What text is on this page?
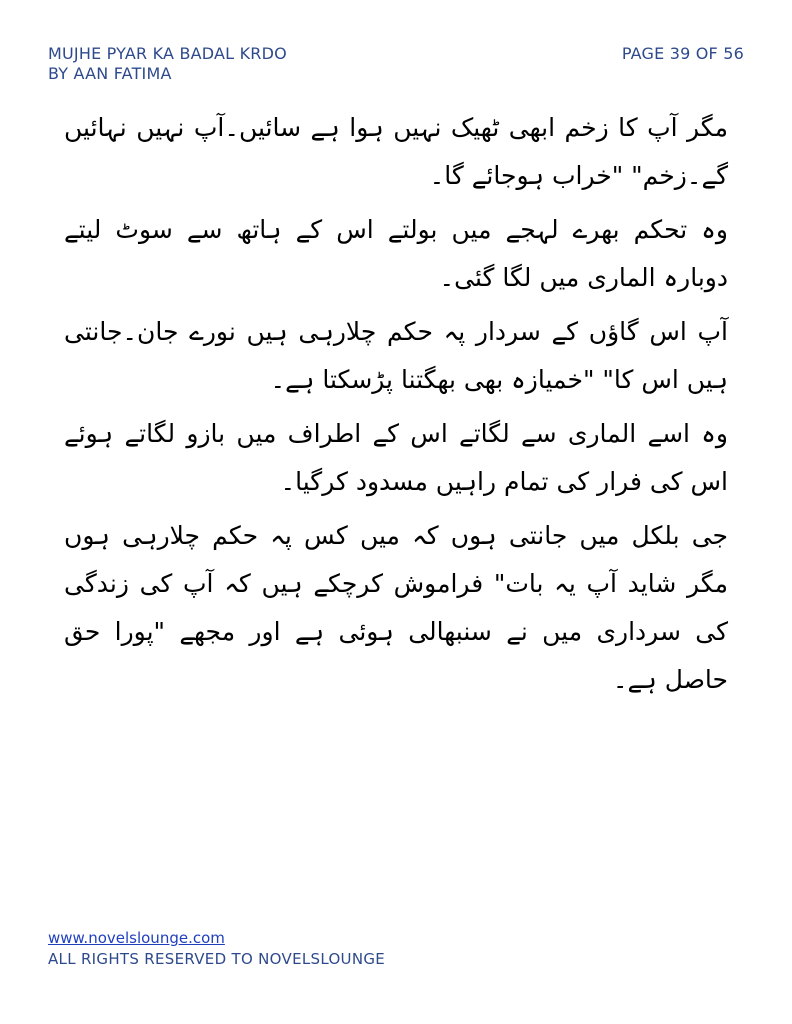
MUJHE PYAR KA BADAL KRDO
BY AAN FATIMA
PAGE 39 OF 56

مگر آپ کا زخم ابھی ٹھیک نہیں ہوا ہے سائیں۔آپ نہیں نہائیں گے۔زخم" "خراب ہوجائے گا۔

وہ تحکم بھرے لہجے میں بولتے اس کے ہاتھ سے سوٹ لیتے دوبارہ الماری میں لگا گئی۔

آپ اس گاؤں کے سردار پہ حکم چلارہی ہیں نورے جان۔جانتی ہیں اس کا" "خمیازہ بھی بھگتنا پڑسکتا ہے۔

وہ اسے الماری سے لگاتے اس کے اطراف میں بازو لگاتے ہوئے اس کی فرار کی تمام راہیں مسدود کرگیا۔

جی بلکل میں جانتی ہوں کہ میں کس پہ حکم چلارہی ہوں مگر شاید آپ یہ بات" فراموش کرچکے ہیں کہ آپ کی زندگی کی سرداری میں نے سنبھالی ہوئی ہے اور مجھے "پورا حق حاصل ہے۔

www.novelslounge.com
ALL RIGHTS RESERVED TO NOVELSLOUNGE
